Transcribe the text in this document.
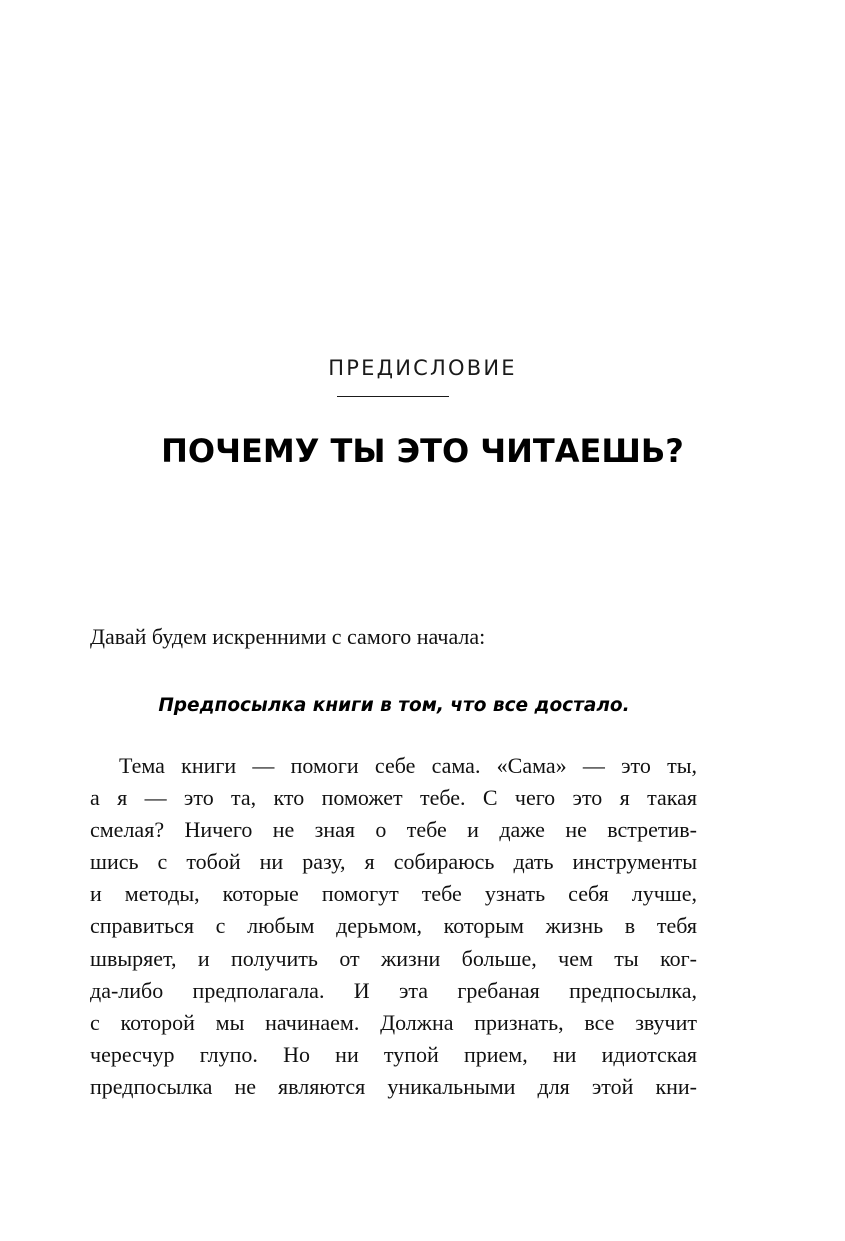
ПРЕДИСЛОВИЕ
ПОЧЕМУ ТЫ ЭТО ЧИТАЕШЬ?
Давай будем искренними с самого начала:
Предпосылка книги в том, что все достало.
Тема книги — помоги себе сама. «Сама» — это ты,
а я — это та, кто поможет тебе. С чего это я такая
смелая? Ничего не зная о тебе и даже не встретив-
шись с тобой ни разу, я собираюсь дать инструменты
и методы, которые помогут тебе узнать себя лучше,
справиться с любым дерьмом, которым жизнь в тебя
швыряет, и получить от жизни больше, чем ты ког-
да-либо предполагала. И эта гребаная предпосылка,
с которой мы начинаем. Должна признать, все звучит
чересчур глупо. Но ни тупой прием, ни идиотская
предпосылка не являются уникальными для этой кни-
